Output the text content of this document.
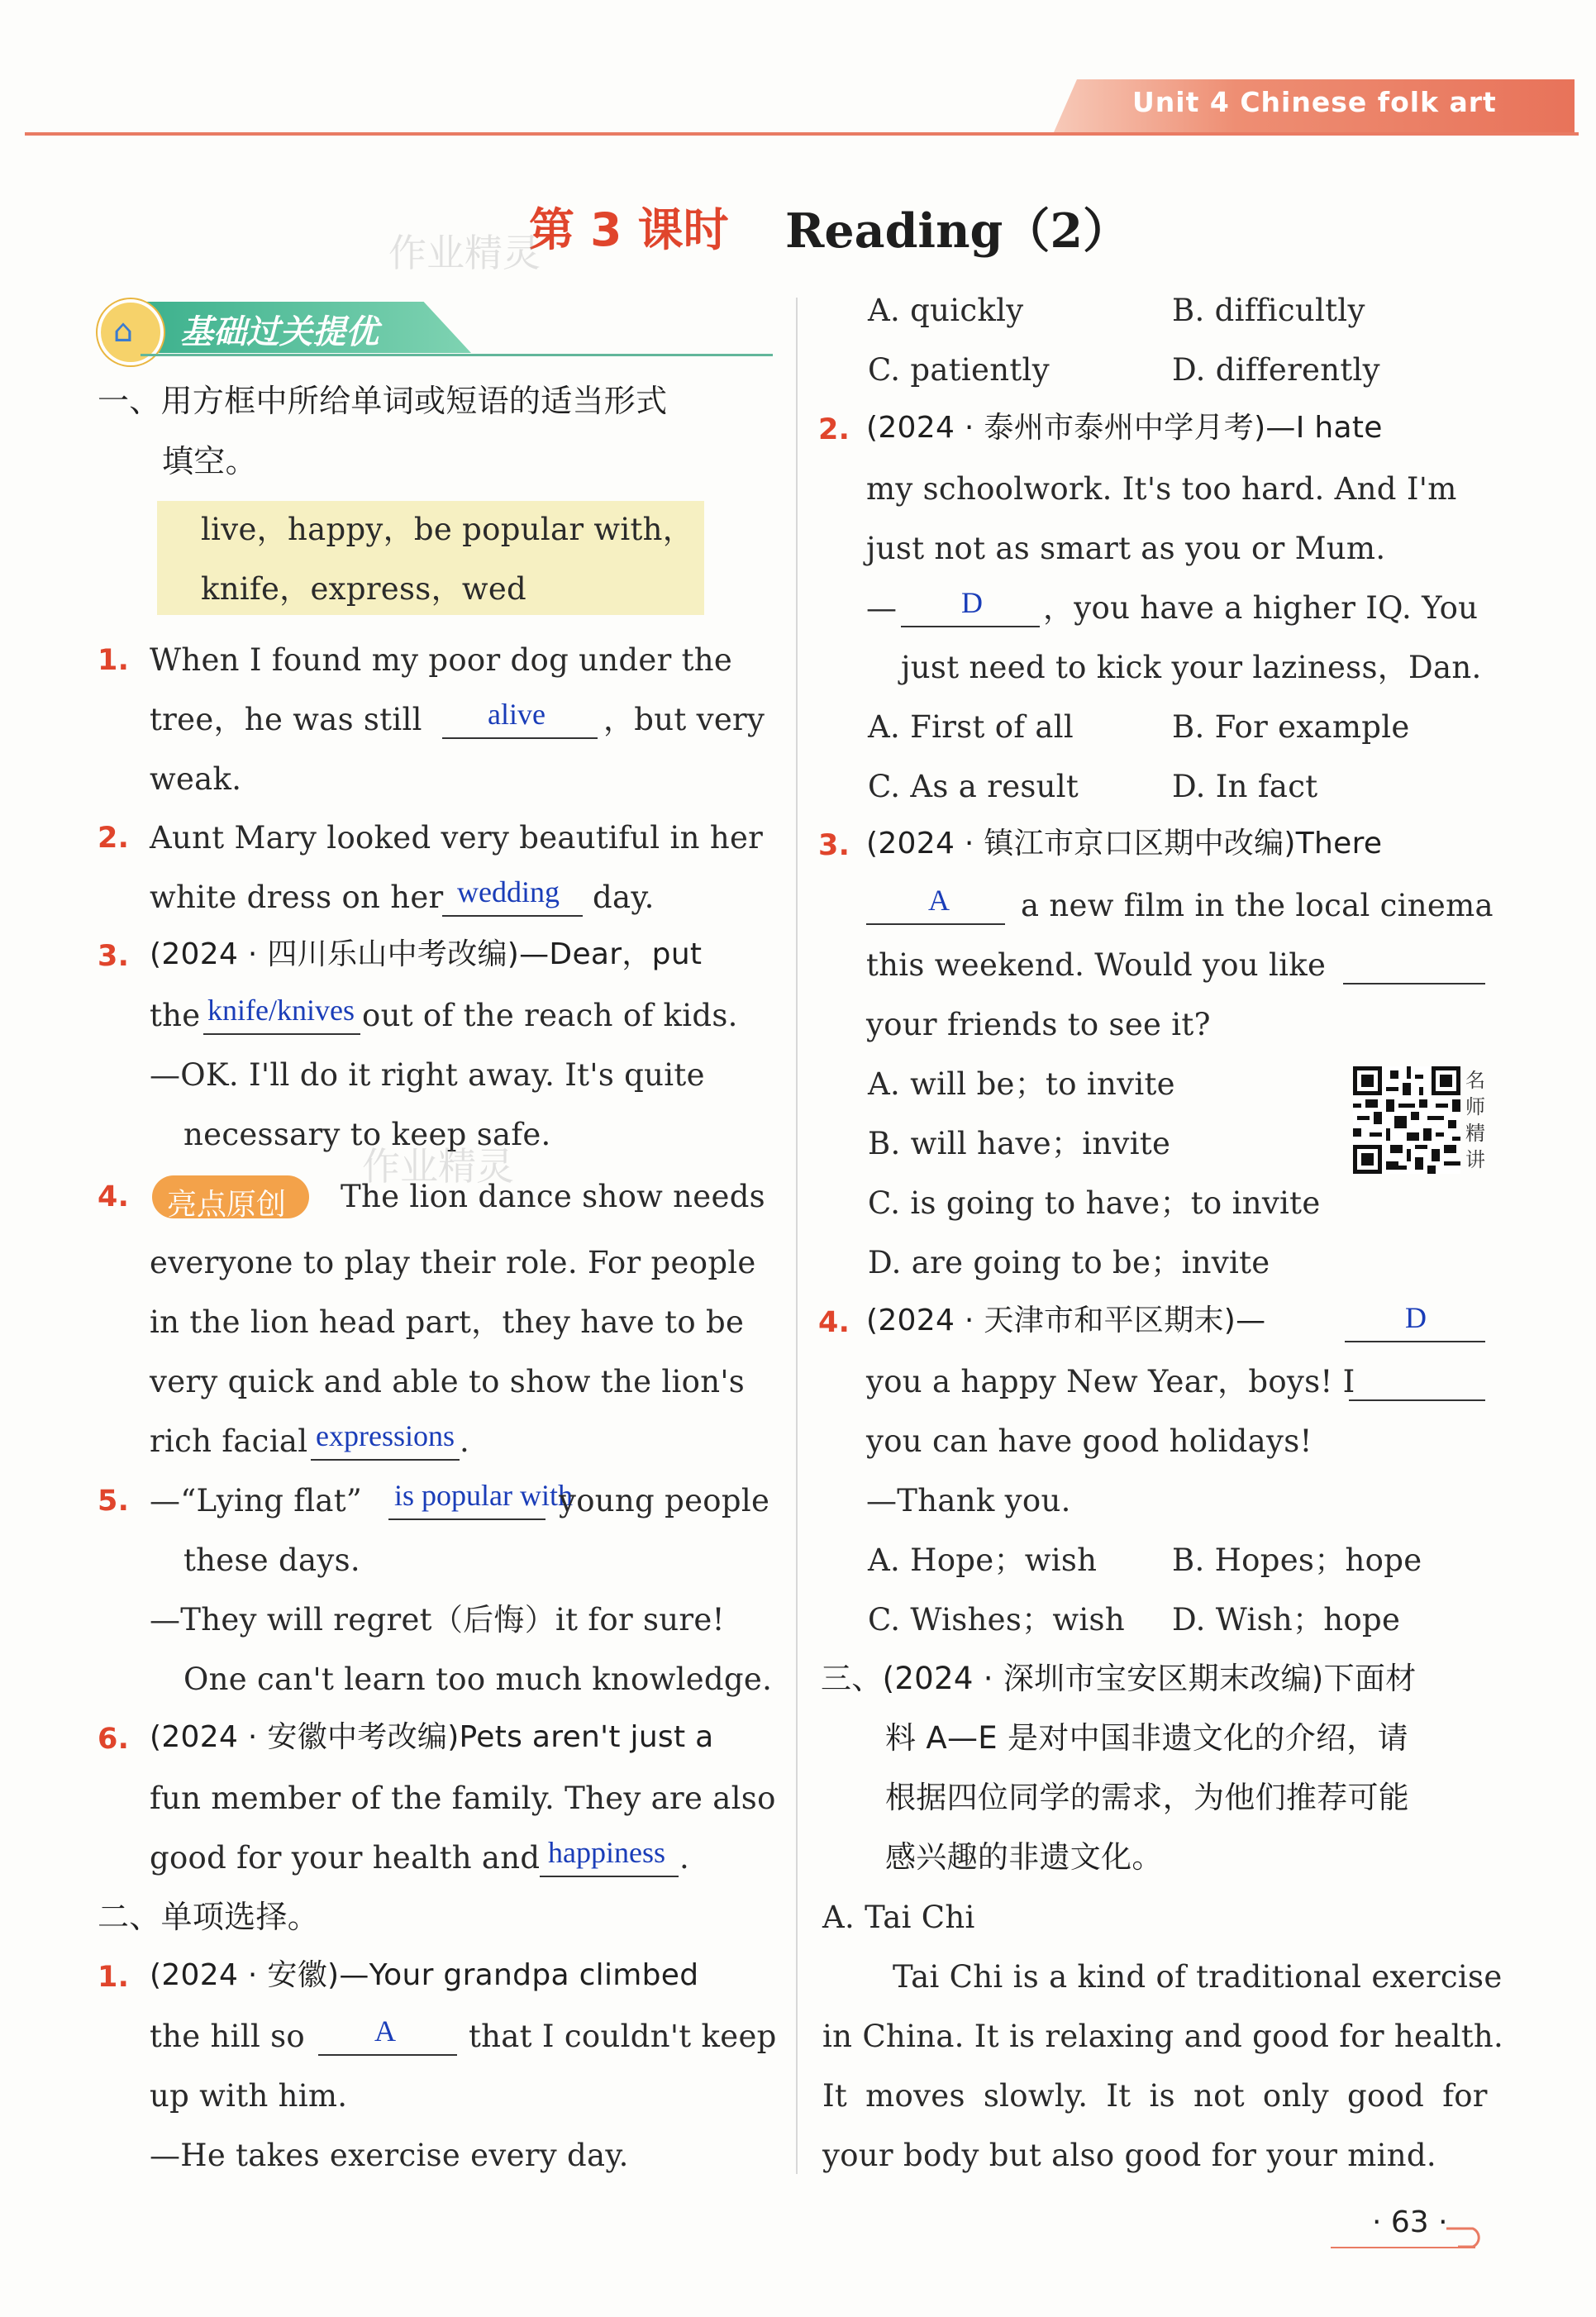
Unit 4 Chinese folk art
第 3 课时 Reading（2）
作业精灵
⌂ 基础过关提优
一、用方框中所给单词或短语的适当形式
填空。
live，happy，be popular with，
knife，express，wed
1. When I found my poor dog under the
tree，he was still alive ，but very
weak.
2. Aunt Mary looked very beautiful in her
white dress on her wedding day.
3. (2024 · 四川乐山中考改编)—Dear，put
the knife/knives out of the reach of kids.
—OK. I'll do it right away. It's quite
necessary to keep safe.
作业精灵
4. 亮点原创 The lion dance show needs
everyone to play their role. For people
in the lion head part，they have to be
very quick and able to show the lion's
rich facial expressions .
5. —“Lying flat” is popular with
young people
these days.
—They will regret（后悔）it for sure!
One can't learn too much knowledge.
6. (2024 · 安徽中考改编)Pets aren't just a
fun member of the family. They are also
good for your health and happiness .
二、单项选择。
1. (2024 · 安徽)—Your grandpa climbed
the hill so A that I couldn't keep
up with him.
—He takes exercise every day.
A. quickly	B. difficultly
C. patiently	D. differently
2. (2024 · 泰州市泰州中学月考)—I hate
my schoolwork. It's too hard. And I'm
just not as smart as you or Mum.
— D ，you have a higher IQ. You
just need to kick your laziness，Dan.
A. First of all	B. For example
C. As a result	D. In fact
3. (2024 · 镇江市京口区期中改编)There
A a new film in the local cinema
this weekend. Would you like
your friends to see it?
A. will be；to invite
B. will have；invite
C. is going to have；to invite
D. are going to be；invite
名
师
精
讲
4. (2024 · 天津市和平区期末)—	D
you a happy New Year，boys! I
you can have good holidays!
—Thank you.
A. Hope；wish B. Hopes；hope
C. Wishes；wish D. Wish；hope
三、(2024 · 深圳市宝安区期末改编)下面材
料 A—E 是对中国非遗文化的介绍，请
根据四位同学的需求，为他们推荐可能
感兴趣的非遗文化。
A. Tai Chi
Tai Chi is a kind of traditional exercise
in China. It is relaxing and good for health.
It moves slowly. It is not only good for
your body but also good for your mind.
· 63 ·
